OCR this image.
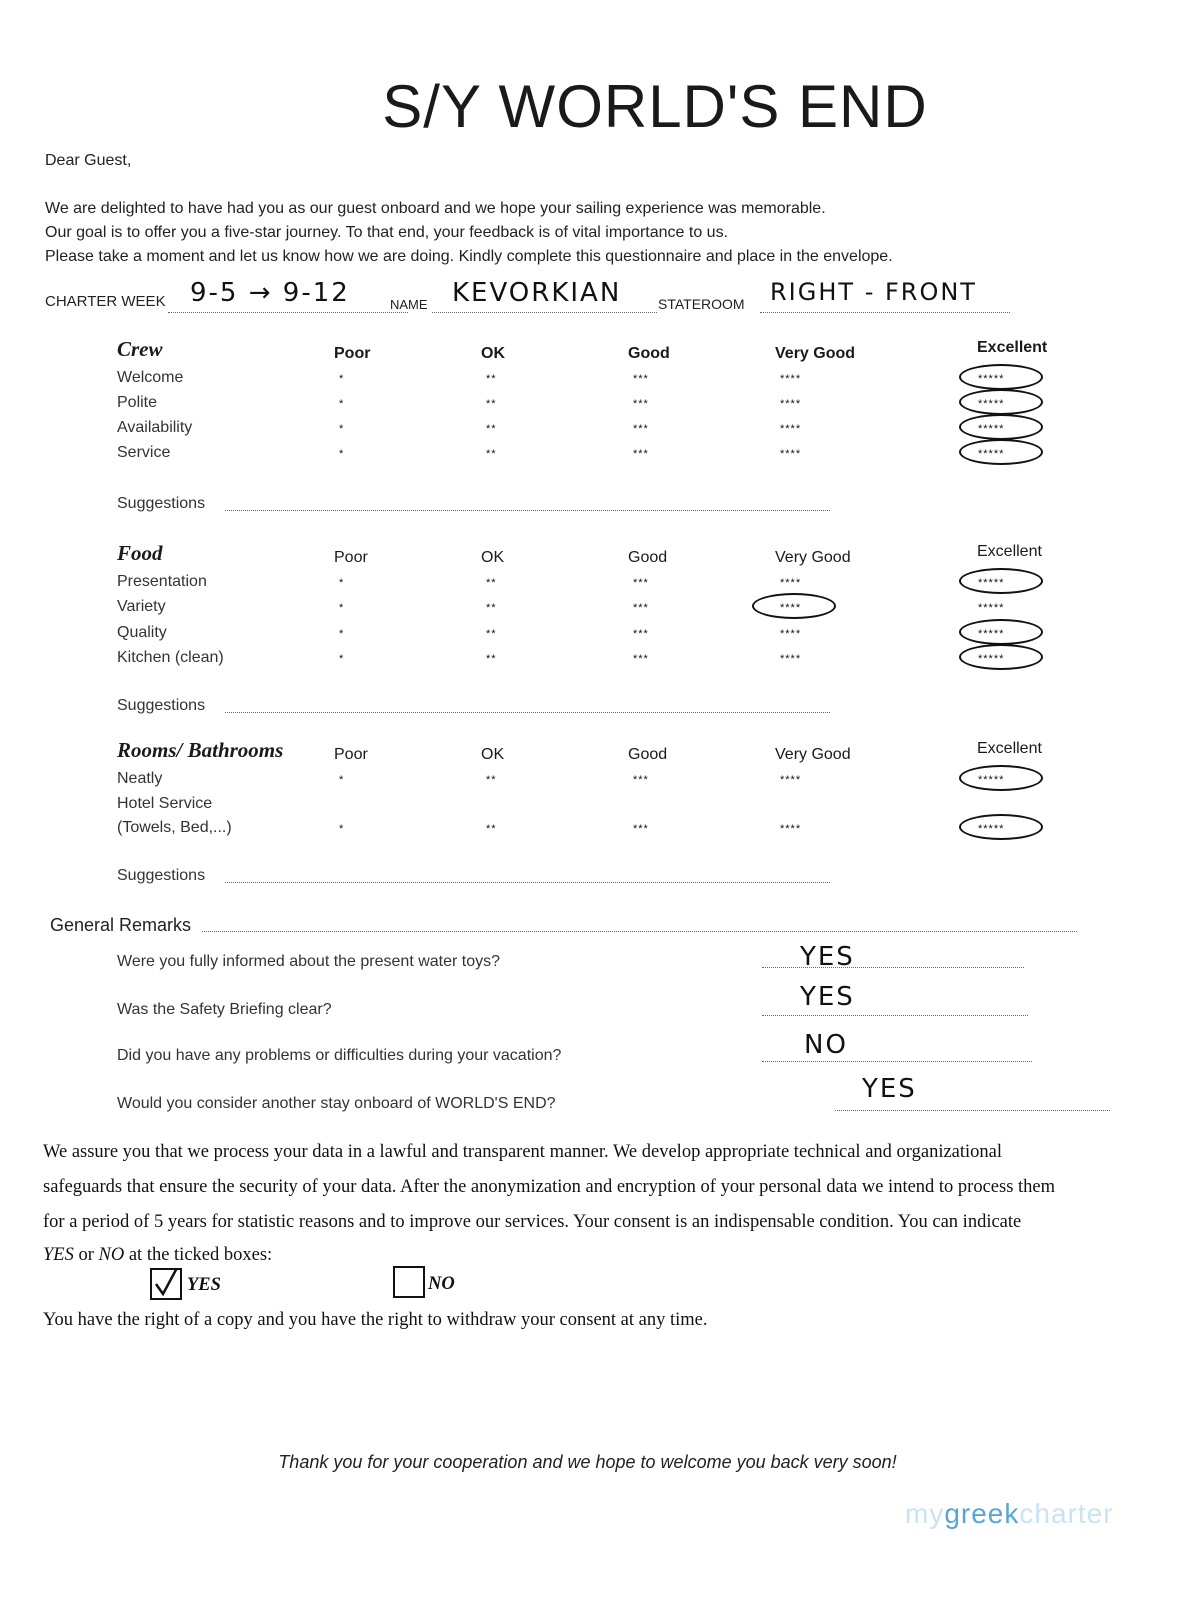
S/Y WORLD'S END
Dear Guest,
We are delighted to have had you as our guest onboard and we hope your sailing experience was memorable.
Our goal is to offer you a five-star journey. To that end, your feedback is of vital importance to us.
Please take a moment and let us know how we are doing. Kindly complete this questionnaire and place in the envelope.
CHARTER WEEK 9-5 → 9-12	NAME KEVORKIAN	STATEROOM RIGHT - FRONT
Crew	Poor	OK	Good	Very Good	Excellent
Welcome	*	**	***	****	*****
Polite	*	**	***	****	*****
Availability	*	**	***	****	*****
Service	*	**	***	****	*****
Suggestions
Food	Poor	OK	Good	Very Good	Excellent
Presentation	*	**	***	****	*****
Variety	*	**	***	****	*****
Quality	*	**	***	****	*****
Kitchen (clean)	*	**	***	****	*****
Suggestions
Rooms/ Bathrooms	Poor	OK	Good	Very Good	Excellent
Neatly	*	**	***	****	*****
Hotel Service
(Towels, Bed,...)	*	**	***	****	*****
Suggestions
General Remarks
Were you fully informed about the present water toys?	YES
Was the Safety Briefing clear?	YES
Did you have any problems or difficulties during your vacation?	NO
Would you consider another stay onboard of WORLD'S END?	YES
We assure you that we process your data in a lawful and transparent manner. We develop appropriate technical and organizational
safeguards that ensure the security of your data. After the anonymization and encryption of your personal data we intend to process them
for a period of 5 years for statistic reasons and to improve our services. Your consent is an indispensable condition. You can indicate
YES or NO at the ticked boxes:
YES	NO
You have the right of a copy and you have the right to withdraw your consent at any time.
Thank you for your cooperation and we hope to welcome you back very soon!
mygreekcharter
